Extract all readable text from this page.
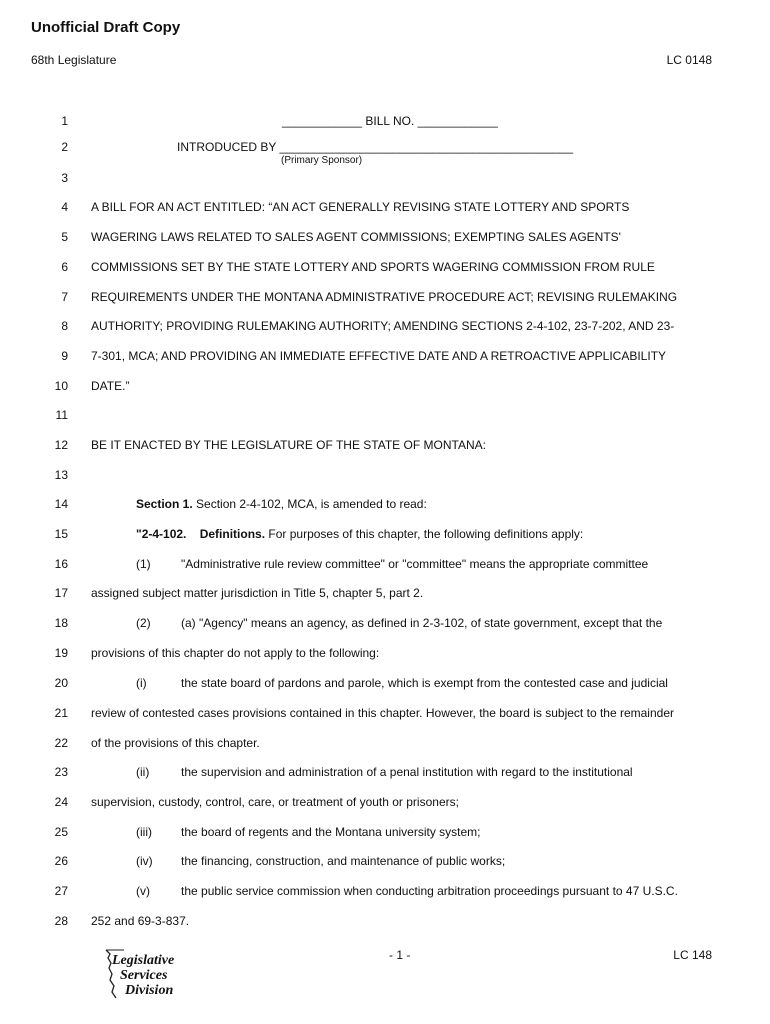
Unofficial Draft Copy
68th Legislature	LC 0148
1	____________ BILL NO. ____________
2	INTRODUCED BY ____________________________________________
(Primary Sponsor)
3
4 A BILL FOR AN ACT ENTITLED: “AN ACT GENERALLY REVISING STATE LOTTERY AND SPORTS
5 WAGERING LAWS RELATED TO SALES AGENT COMMISSIONS; EXEMPTING SALES AGENTS'
6 COMMISSIONS SET BY THE STATE LOTTERY AND SPORTS WAGERING COMMISSION FROM RULE
7 REQUIREMENTS UNDER THE MONTANA ADMINISTRATIVE PROCEDURE ACT; REVISING RULEMAKING
8 AUTHORITY; PROVIDING RULEMAKING AUTHORITY; AMENDING SECTIONS 2-4-102, 23-7-202, AND 23-
9 7-301, MCA; AND PROVIDING AN IMMEDIATE EFFECTIVE DATE AND A RETROACTIVE APPLICABILITY
10 DATE.”
11
12 BE IT ENACTED BY THE LEGISLATURE OF THE STATE OF MONTANA:
13
14	Section 1. Section 2-4-102, MCA, is amended to read:
15	"2-4-102.    Definitions. For purposes of this chapter, the following definitions apply:
16	(1)	"Administrative rule review committee" or "committee" means the appropriate committee
17 assigned subject matter jurisdiction in Title 5, chapter 5, part 2.
18	(2)	(a) "Agency" means an agency, as defined in 2-3-102, of state government, except that the
19 provisions of this chapter do not apply to the following:
20	(i)	the state board of pardons and parole, which is exempt from the contested case and judicial
21 review of contested cases provisions contained in this chapter. However, the board is subject to the remainder
22 of the provisions of this chapter.
23	(ii)	the supervision and administration of a penal institution with regard to the institutional
24 supervision, custody, control, care, or treatment of youth or prisoners;
25	(iii) the board of regents and the Montana university system;
26	(iv) the financing, construction, and maintenance of public works;
27	(v)	the public service commission when conducting arbitration proceedings pursuant to 47 U.S.C.
28 252 and 69-3-837.
Legislative
Services
Division
- 1 -	LC 148
